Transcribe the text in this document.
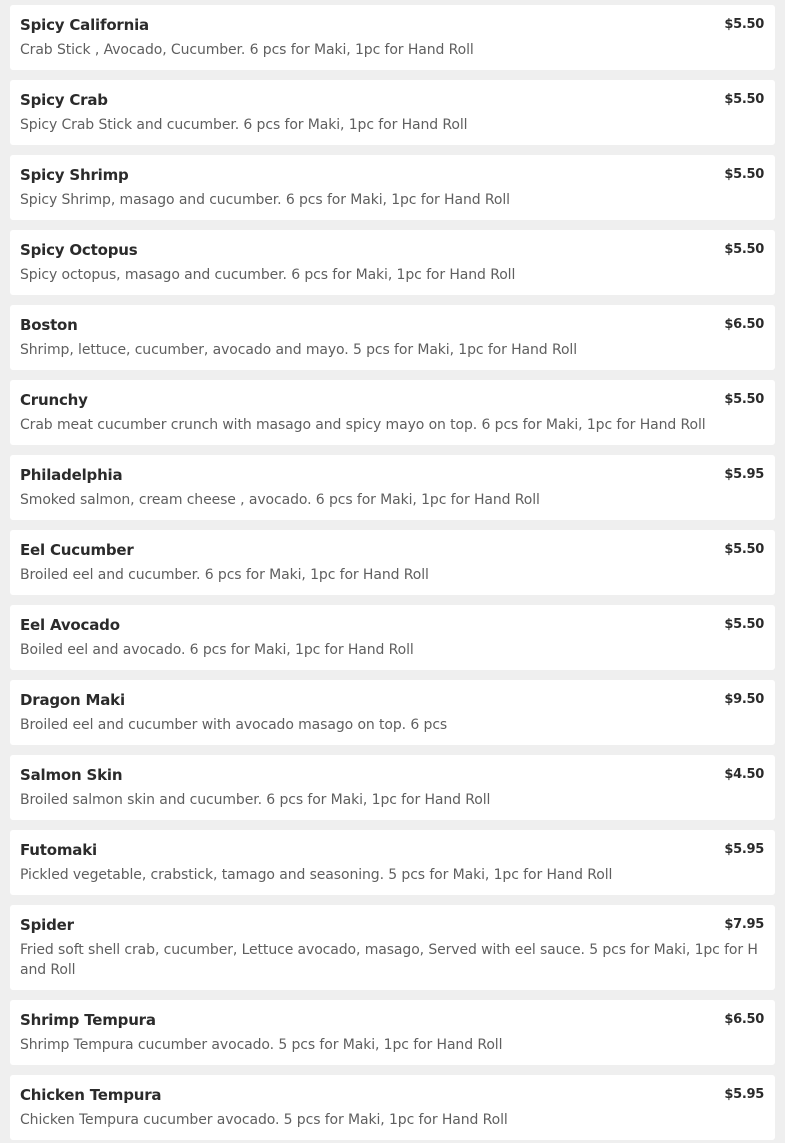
Spicy California	$5.50
Crab Stick , Avocado, Cucumber. 6 pcs for Maki, 1pc for Hand Roll
Spicy Crab	$5.50
Spicy Crab Stick and cucumber. 6 pcs for Maki, 1pc for Hand Roll
Spicy Shrimp	$5.50
Spicy Shrimp, masago and cucumber. 6 pcs for Maki, 1pc for Hand Roll
Spicy Octopus	$5.50
Spicy octopus, masago and cucumber. 6 pcs for Maki, 1pc for Hand Roll
Boston	$6.50
Shrimp, lettuce, cucumber, avocado and mayo. 5 pcs for Maki, 1pc for Hand Roll
Crunchy	$5.50
Crab meat cucumber crunch with masago and spicy mayo on top. 6 pcs for Maki, 1pc for Hand Roll
Philadelphia	$5.95
Smoked salmon, cream cheese , avocado. 6 pcs for Maki, 1pc for Hand Roll
Eel Cucumber	$5.50
Broiled eel and cucumber. 6 pcs for Maki, 1pc for Hand Roll
Eel Avocado	$5.50
Boiled eel and avocado. 6 pcs for Maki, 1pc for Hand Roll
Dragon Maki	$9.50
Broiled eel and cucumber with avocado masago on top. 6 pcs
Salmon Skin	$4.50
Broiled salmon skin and cucumber. 6 pcs for Maki, 1pc for Hand Roll
Futomaki	$5.95
Pickled vegetable, crabstick, tamago and seasoning. 5 pcs for Maki, 1pc for Hand Roll
Spider	$7.95
Fried soft shell crab, cucumber, Lettuce avocado, masago, Served with eel sauce. 5 pcs for Maki, 1pc for Hand Roll
Shrimp Tempura	$6.50
Shrimp Tempura cucumber avocado. 5 pcs for Maki, 1pc for Hand Roll
Chicken Tempura	$5.95
Chicken Tempura cucumber avocado. 5 pcs for Maki, 1pc for Hand Roll
